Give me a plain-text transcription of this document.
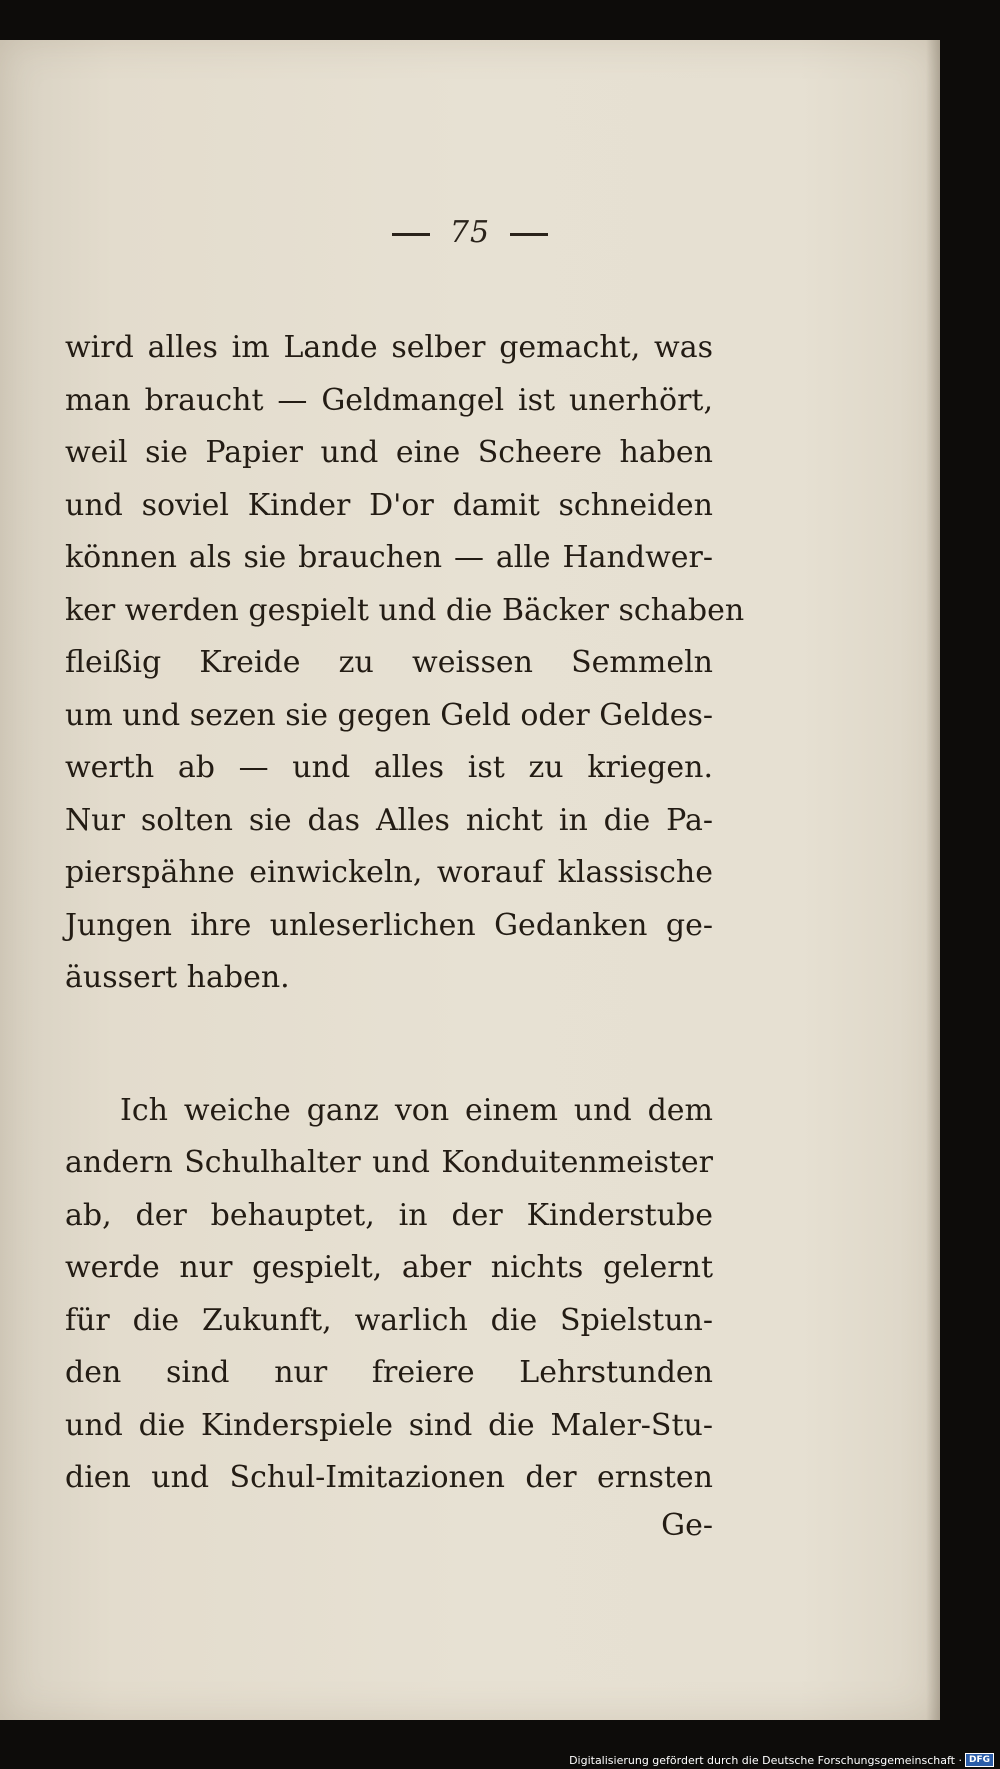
75
wird alles im Lande selber gemacht, was
man braucht — Geldmangel ist unerhört,
weil sie Papier und eine Scheere haben
und soviel Kinder D'or damit schneiden
können als sie brauchen — alle Handwer-
ker werden gespielt und die Bäcker schaben
fleißig Kreide zu weissen Semmeln
um und sezen sie gegen Geld oder Geldes-
werth ab — und alles ist zu kriegen.
Nur solten sie das Alles nicht in die Pa-
pierspähne einwickeln, worauf klassische
Jungen ihre unleserlichen Gedanken ge-
äussert haben.
Ich weiche ganz von einem und dem
andern Schulhalter und Konduitenmeister
ab, der behauptet, in der Kinderstube
werde nur gespielt, aber nichts gelernt
für die Zukunft, warlich die Spielstun-
den sind nur freiere Lehrstunden
und die Kinderspiele sind die Maler-Stu-
dien und Schul-Imitazionen der ernsten
Ge-
Digitalisierung gefördert durch die Deutsche Forschungsgemeinschaft · DFG
